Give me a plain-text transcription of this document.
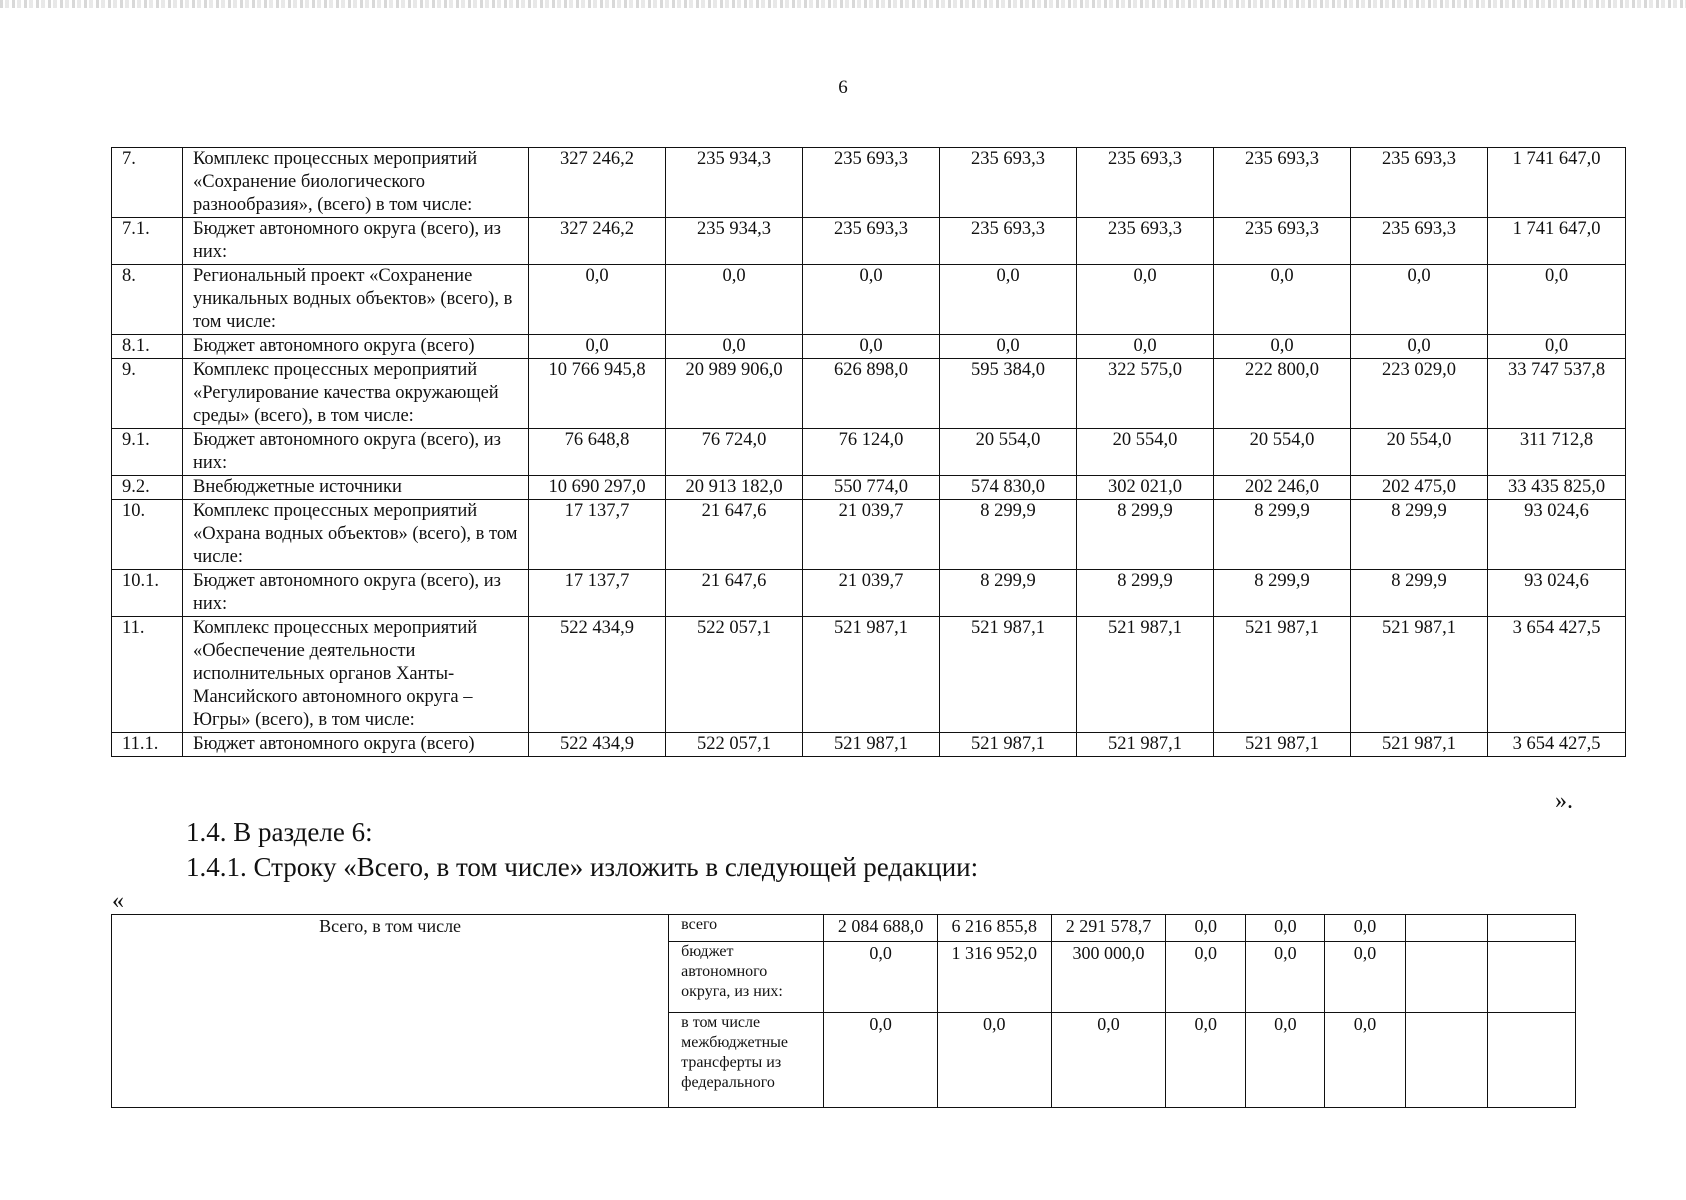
6
7.	Комплекс процессных мероприятий «Сохранение биологического разнообразия», (всего) в том числе:	327 246,2	235 934,3	235 693,3	235 693,3	235 693,3	235 693,3	235 693,3	1 741 647,0
7.1.	Бюджет автономного округа (всего), из них:	327 246,2	235 934,3	235 693,3	235 693,3	235 693,3	235 693,3	235 693,3	1 741 647,0
8.	Региональный проект «Сохранение уникальных водных объектов» (всего), в том числе:	0,0	0,0	0,0	0,0	0,0	0,0	0,0	0,0
8.1.	Бюджет автономного округа (всего)	0,0	0,0	0,0	0,0	0,0	0,0	0,0	0,0
9.	Комплекс процессных мероприятий «Регулирование качества окружающей среды» (всего), в том числе:	10 766 945,8	20 989 906,0	626 898,0	595 384,0	322 575,0	222 800,0	223 029,0	33 747 537,8
9.1.	Бюджет автономного округа (всего), из них:	76 648,8	76 724,0	76 124,0	20 554,0	20 554,0	20 554,0	20 554,0	311 712,8
9.2.	Внебюджетные источники	10 690 297,0	20 913 182,0	550 774,0	574 830,0	302 021,0	202 246,0	202 475,0	33 435 825,0
10.	Комплекс процессных мероприятий «Охрана водных объектов» (всего), в том числе:	17 137,7	21 647,6	21 039,7	8 299,9	8 299,9	8 299,9	8 299,9	93 024,6
10.1.	Бюджет автономного округа (всего), из них:	17 137,7	21 647,6	21 039,7	8 299,9	8 299,9	8 299,9	8 299,9	93 024,6
11.	Комплекс процессных мероприятий «Обеспечение деятельности исполнительных органов Ханты-Мансийского автономного округа – Югры» (всего), в том числе:	522 434,9	522 057,1	521 987,1	521 987,1	521 987,1	521 987,1	521 987,1	3 654 427,5
11.1.	Бюджет автономного округа (всего)	522 434,9	522 057,1	521 987,1	521 987,1	521 987,1	521 987,1	521 987,1	3 654 427,5
».
1.4. В разделе 6:
1.4.1. Строку «Всего, в том числе» изложить в следующей редакции:
«
Всего, в том числе	всего	2 084 688,0	6 216 855,8	2 291 578,7	0,0	0,0	0,0		
	бюджет автономного округа, из них:	0,0	1 316 952,0	300 000,0	0,0	0,0	0,0		
	в том числе межбюджетные трансферты из федерального	0,0	0,0	0,0	0,0	0,0	0,0		
